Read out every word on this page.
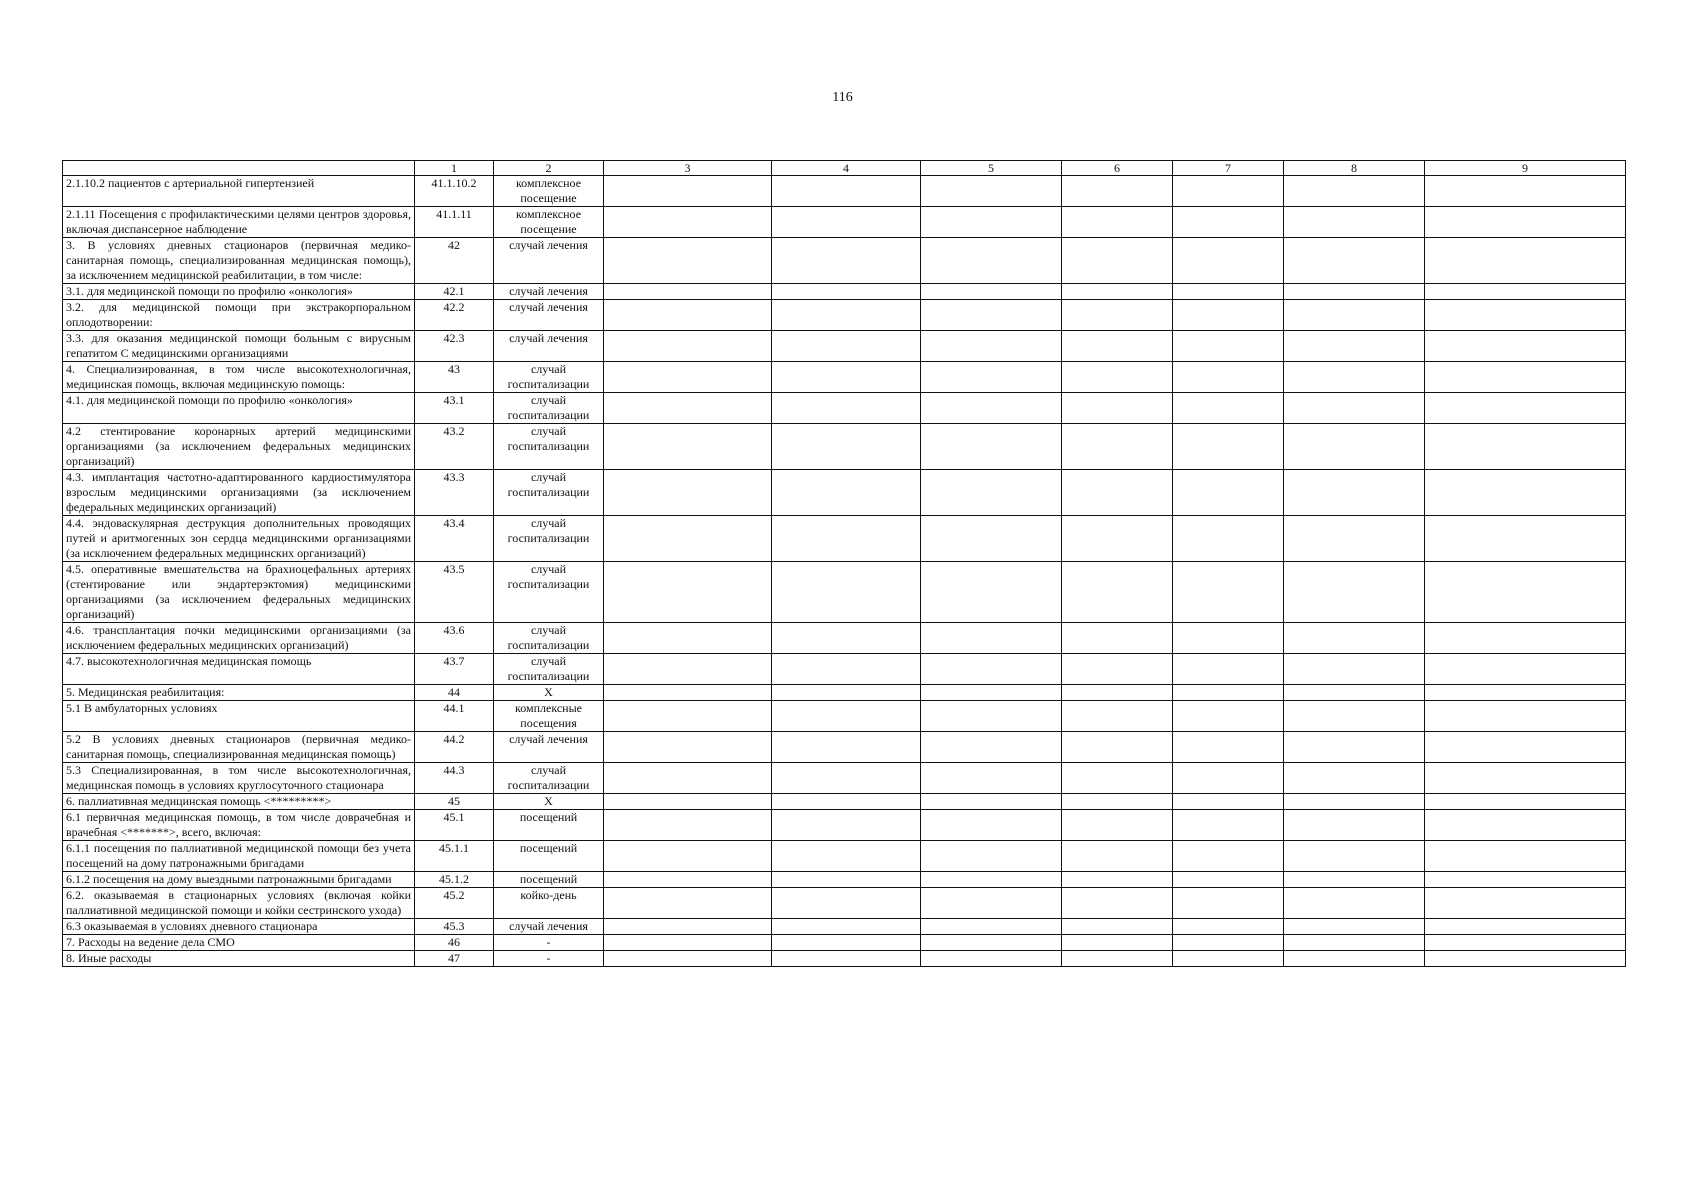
116
	1	2	3	4	5	6	7	8	9
2.1.10.2 пациентов с артериальной гипертензией	41.1.10.2	комплексное посещение							
2.1.11 Посещения с профилактическими целями центров здоровья, включая диспансерное наблюдение	41.1.11	комплексное посещение							
3. В условиях дневных стационаров (первичная медико-санитарная помощь, специализированная медицинская помощь), за исключением медицинской реабилитации, в том числе:	42	случай лечения							
3.1. для медицинской помощи по профилю «онкология»	42.1	случай лечения							
3.2. для медицинской помощи при экстракорпоральном оплодотворении:	42.2	случай лечения							
3.3. для оказания медицинской помощи больным с вирусным гепатитом С медицинскими организациями	42.3	случай лечения							
4. Специализированная, в том числе высокотехнологичная, медицинская помощь, включая медицинскую помощь:	43	случай госпитализации							
4.1. для медицинской помощи по профилю «онкология»	43.1	случай госпитализации							
4.2 стентирование коронарных артерий медицинскими организациями (за исключением федеральных медицинских организаций)	43.2	случай госпитализации							
4.3. имплантация частотно-адаптированного кардиостимулятора взрослым медицинскими организациями (за исключением федеральных медицинских организаций)	43.3	случай госпитализации							
4.4. эндоваскулярная деструкция дополнительных проводящих путей и аритмогенных зон сердца медицинскими организациями (за исключением федеральных медицинских организаций)	43.4	случай госпитализации							
4.5. оперативные вмешательства на брахиоцефальных артериях (стентирование или эндартерэктомия) медицинскими организациями (за исключением федеральных медицинских организаций)	43.5	случай госпитализации							
4.6. трансплантация почки медицинскими организациями (за исключением федеральных медицинских организаций)	43.6	случай госпитализации							
4.7. высокотехнологичная медицинская помощь	43.7	случай госпитализации							
5. Медицинская реабилитация:	44	X							
5.1 В амбулаторных условиях	44.1	комплексные посещения							
5.2 В условиях дневных стационаров (первичная медико-санитарная помощь, специализированная медицинская помощь)	44.2	случай лечения							
5.3 Специализированная, в том числе высокотехнологичная, медицинская помощь в условиях круглосуточного стационара	44.3	случай госпитализации							
6. паллиативная медицинская помощь <*********>	45	X							
6.1 первичная медицинская помощь, в том числе доврачебная и врачебная <*******>, всего, включая:	45.1	посещений							
6.1.1 посещения по паллиативной медицинской помощи без учета посещений на дому патронажными бригадами	45.1.1	посещений							
6.1.2 посещения на дому выездными патронажными бригадами	45.1.2	посещений							
6.2. оказываемая в стационарных условиях (включая койки паллиативной медицинской помощи и койки сестринского ухода)	45.2	койко-день							
6.3 оказываемая в условиях дневного стационара	45.3	случай лечения							
7. Расходы на ведение дела СМО	46	-							
8. Иные расходы	47	-							
